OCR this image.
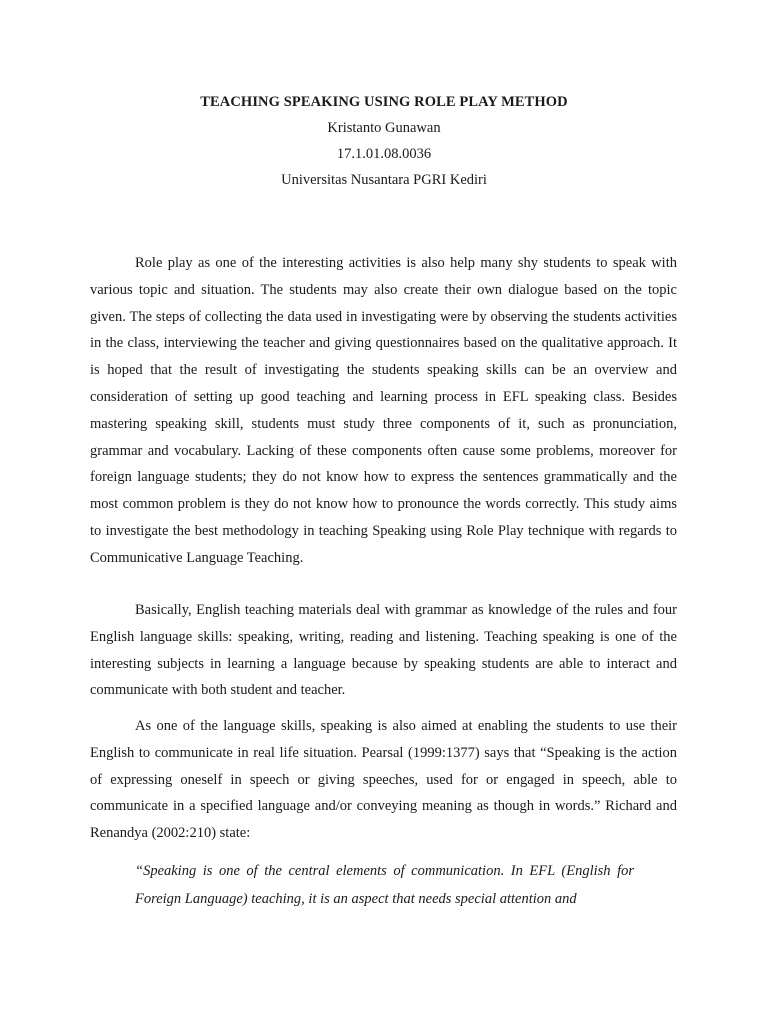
TEACHING SPEAKING USING ROLE PLAY METHOD
Kristanto Gunawan
17.1.01.08.0036
Universitas Nusantara PGRI Kediri

Role play as one of the interesting activities is also help many shy students to speak with various topic and situation. The students may also create their own dialogue based on the topic given. The steps of collecting the data used in investigating were by observing the students activities in the class, interviewing the teacher and giving questionnaires based on the qualitative approach. It is hoped that the result of investigating the students speaking skills can be an overview and consideration of setting up good teaching and learning process in EFL speaking class. Besides mastering speaking skill, students must study three components of it, such as pronunciation, grammar and vocabulary. Lacking of these components often cause some problems, moreover for foreign language students; they do not know how to express the sentences grammatically and the most common problem is they do not know how to pronounce the words correctly. This study aims to investigate the best methodology in teaching Speaking using Role Play technique with regards to Communicative Language Teaching.

Basically, English teaching materials deal with grammar as knowledge of the rules and four English language skills: speaking, writing, reading and listening. Teaching speaking is one of the interesting subjects in learning a language because by speaking students are able to interact and communicate with both student and teacher.

As one of the language skills, speaking is also aimed at enabling the students to use their English to communicate in real life situation. Pearsal (1999:1377) says that “Speaking is the action of expressing oneself in speech or giving speeches, used for or engaged in speech, able to communicate in a specified language and/or conveying meaning as though in words.” Richard and Renandya (2002:210) state:

“Speaking is one of the central elements of communication. In EFL (English for Foreign Language) teaching, it is an aspect that needs special attention and
